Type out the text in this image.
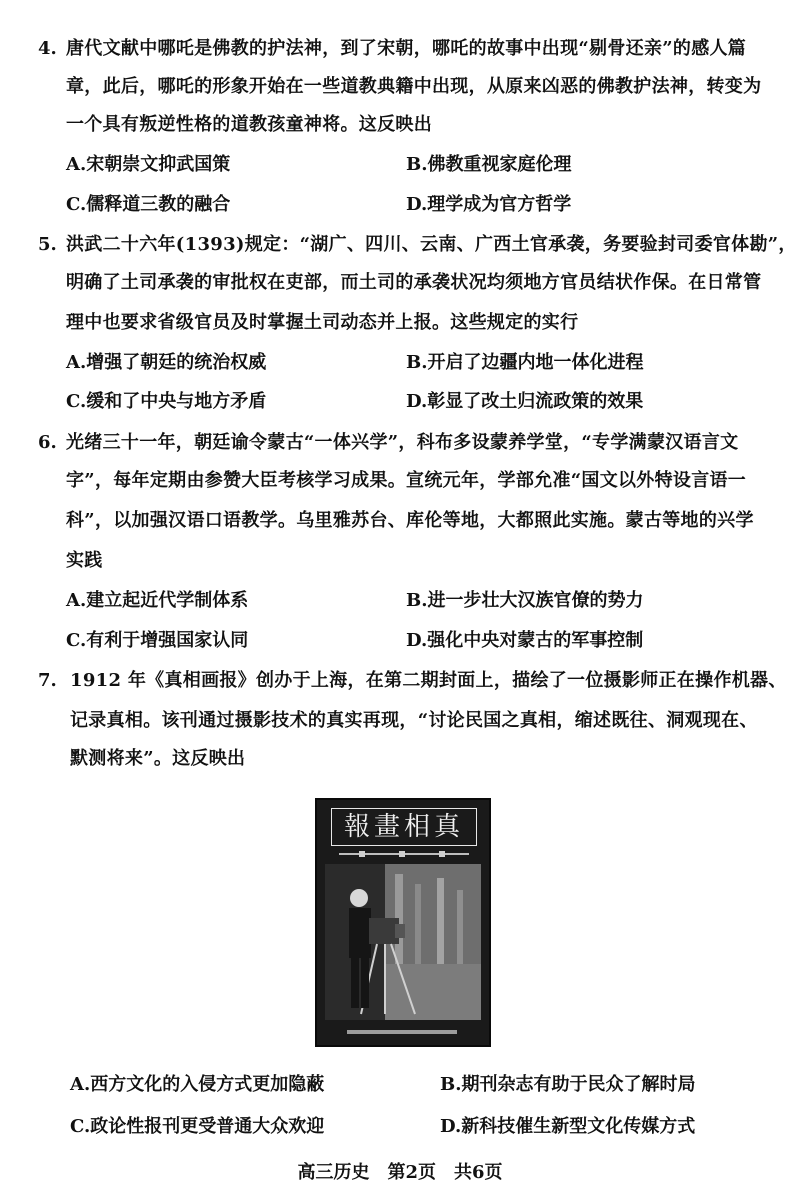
4. 唐代文献中哪吒是佛教的护法神，到了宋朝，哪吒的故事中出现“剔骨还亲”的感人篇
章，此后，哪吒的形象开始在一些道教典籍中出现，从原来凶恶的佛教护法神，转变为
一个具有叛逆性格的道教孩童神将。这反映出
A.宋朝崇文抑武国策	B.佛教重视家庭伦理
C.儒释道三教的融合	D.理学成为官方哲学
5. 洪武二十六年(1393)规定：“湖广、四川、云南、广西土官承袭，务要验封司委官体勘”，
明确了土司承袭的审批权在吏部，而土司的承袭状况均须地方官员结状作保。在日常管
理中也要求省级官员及时掌握土司动态并上报。这些规定的实行
A.增强了朝廷的统治权威	B.开启了边疆内地一体化进程
C.缓和了中央与地方矛盾	D.彰显了改土归流政策的效果
6. 光绪三十一年，朝廷谕令蒙古“一体兴学”，科布多设蒙养学堂，“专学满蒙汉语言文
字”，每年定期由参赞大臣考核学习成果。宣统元年，学部允准“国文以外特设言语一
科”，以加强汉语口语教学。乌里雅苏台、库伦等地，大都照此实施。蒙古等地的兴学
实践
A.建立起近代学制体系	B.进一步壮大汉族官僚的势力
C.有利于增强国家认同	D.强化中央对蒙古的军事控制
7. 1912 年《真相画报》创办于上海，在第二期封面上，描绘了一位摄影师正在操作机器、
记录真相。该刊通过摄影技术的真实再现，“讨论民国之真相，缩述既往、洞观现在、
默测将来”。这反映出
報畫相真
A.西方文化的入侵方式更加隐蔽	B.期刊杂志有助于民众了解时局
C.政论性报刊更受普通大众欢迎	D.新科技催生新型文化传媒方式
高三历史　第2页　共6页
